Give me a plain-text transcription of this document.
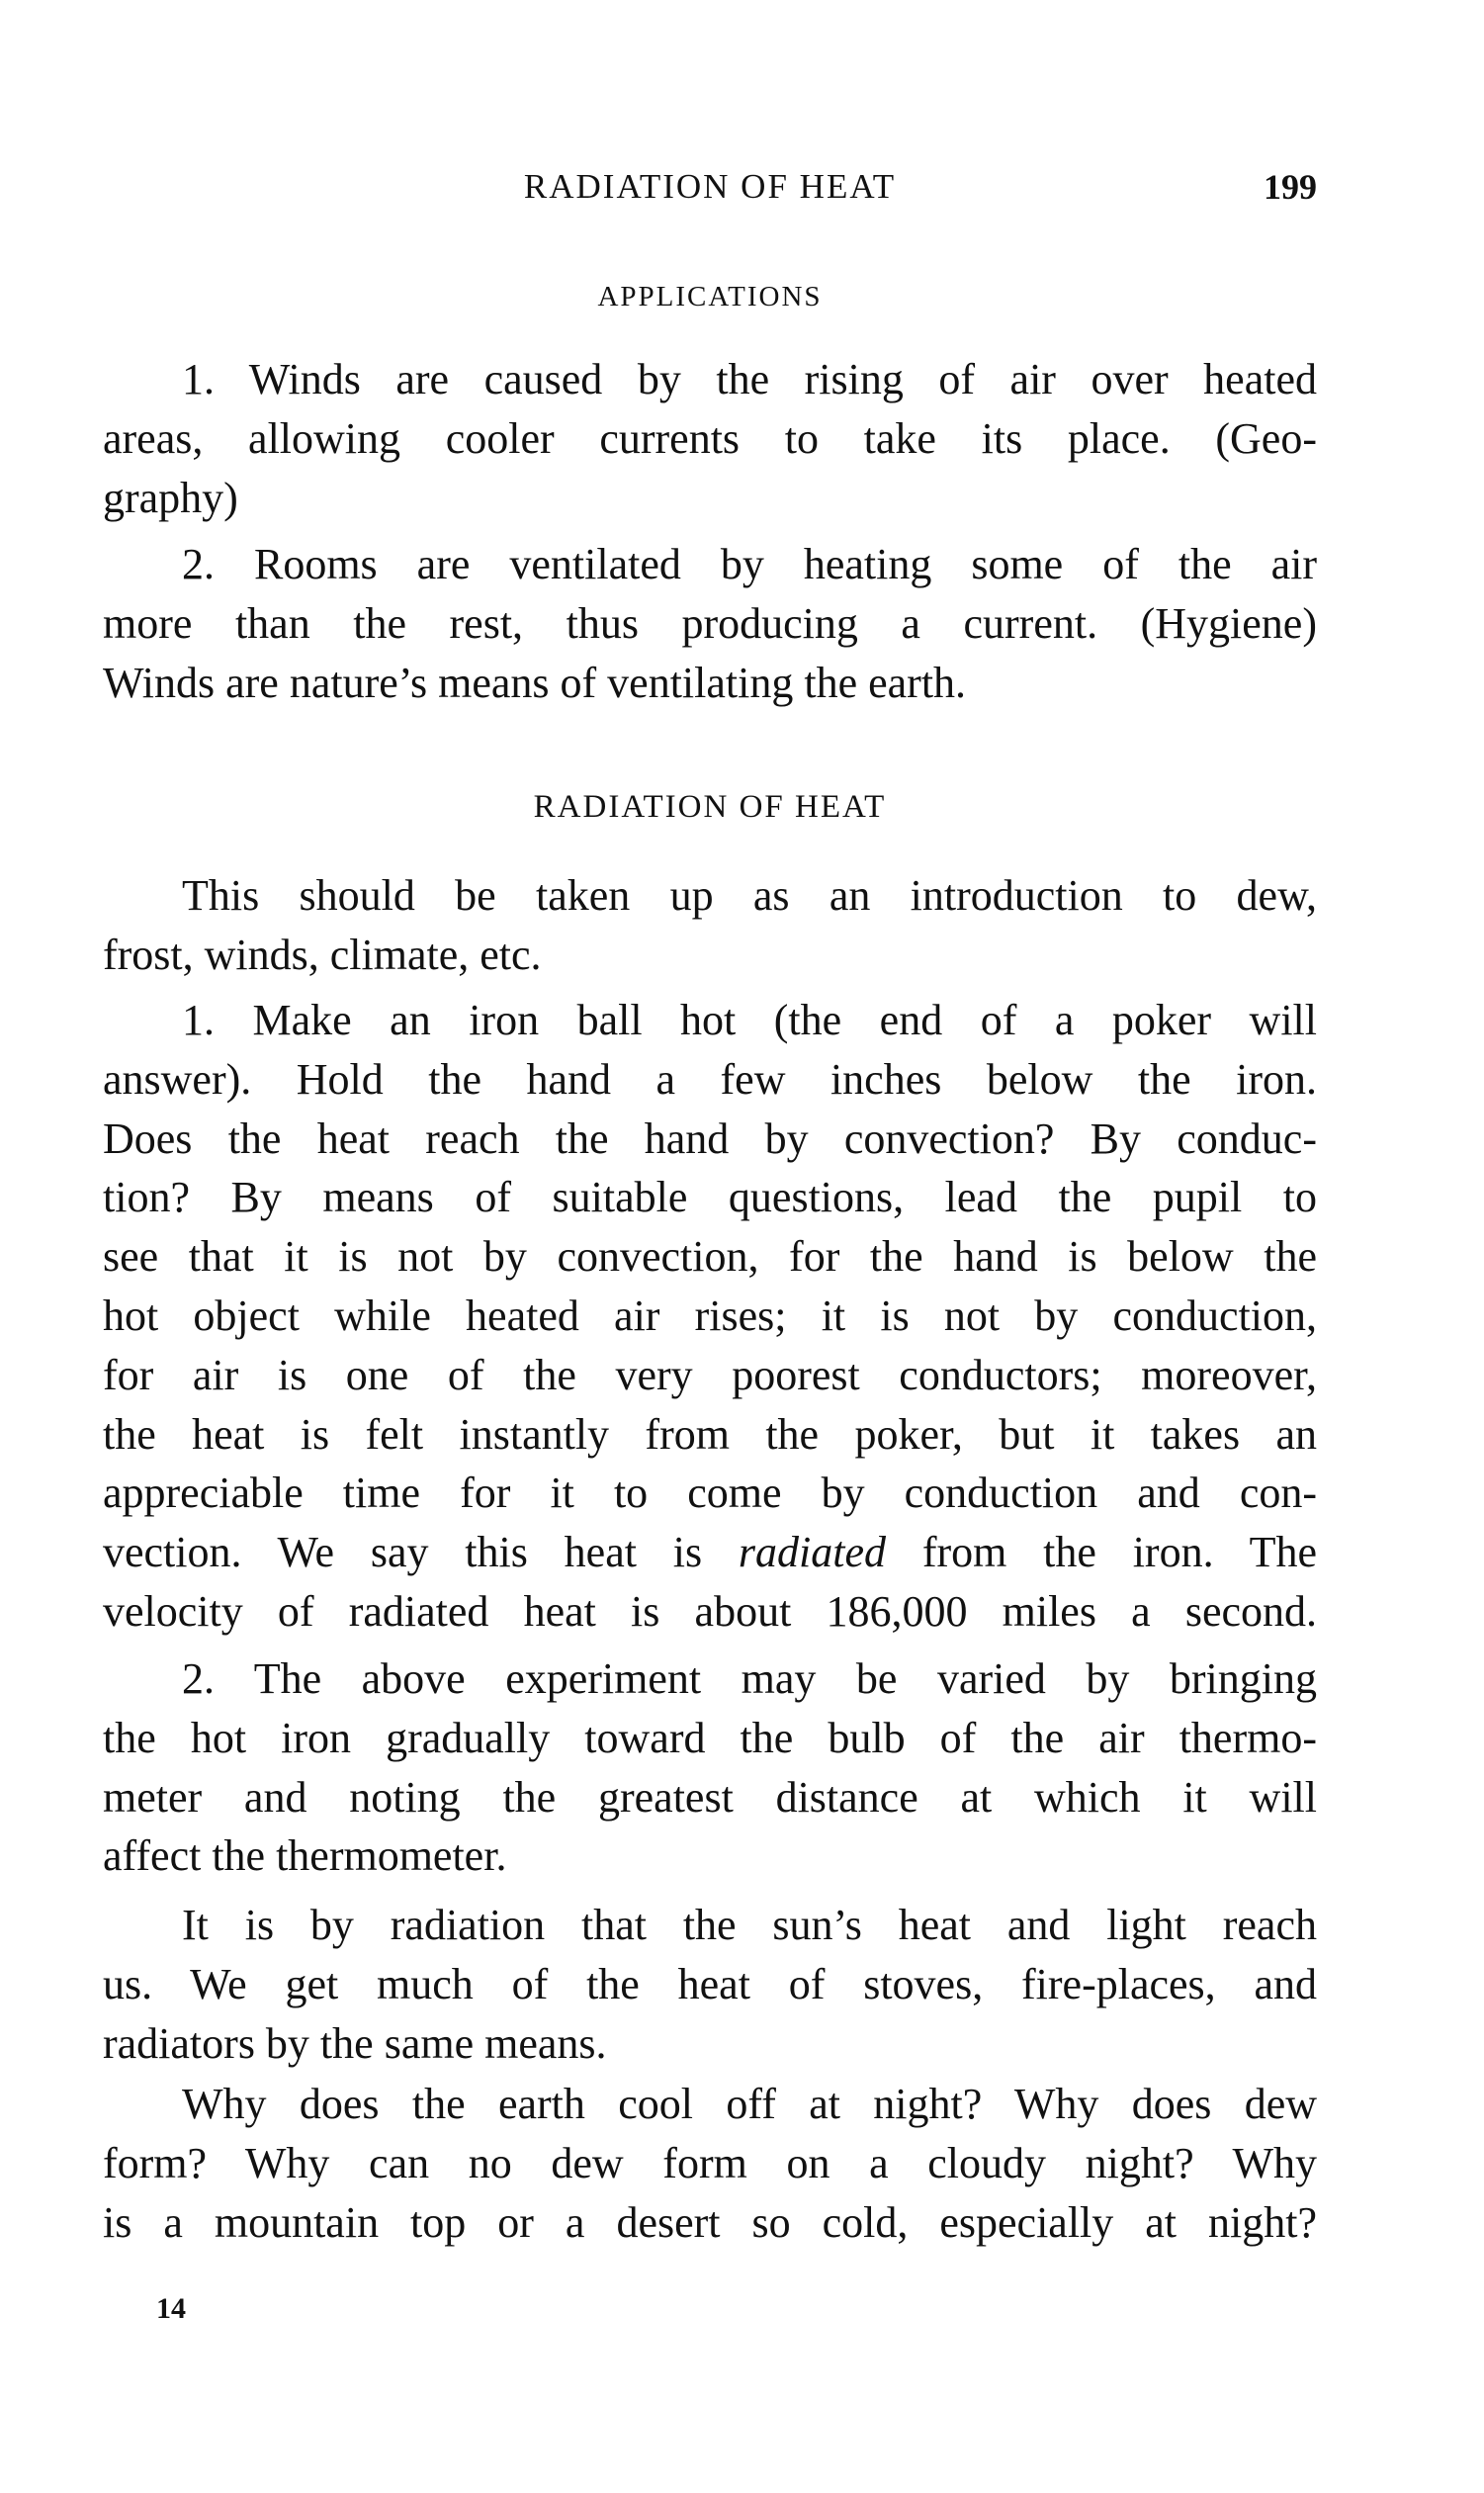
RADIATION OF HEAT	199
APPLICATIONS
1. Winds are caused by the rising of air over heated
areas, allowing cooler currents to take its place. (Geo-
graphy)
2. Rooms are ventilated by heating some of the air
more than the rest, thus producing a current. (Hygiene)
Winds are nature’s means of ventilating the earth.
RADIATION OF HEAT
This should be taken up as an introduction to dew,
frost, winds, climate, etc.
1. Make an iron ball hot (the end of a poker will
answer). Hold the hand a few inches below the iron.
Does the heat reach the hand by convection? By conduc-
tion? By means of suitable questions, lead the pupil to
see that it is not by convection, for the hand is below the
hot object while heated air rises; it is not by conduction,
for air is one of the very poorest conductors; moreover,
the heat is felt instantly from the poker, but it takes an
appreciable time for it to come by conduction and con-
vection. We say this heat is radiated from the iron. The
velocity of radiated heat is about 186,000 miles a second.
2. The above experiment may be varied by bringing
the hot iron gradually toward the bulb of the air thermo-
meter and noting the greatest distance at which it will
affect the thermometer.
It is by radiation that the sun’s heat and light reach
us. We get much of the heat of stoves, fire-places, and
radiators by the same means.
Why does the earth cool off at night? Why does dew
form? Why can no dew form on a cloudy night? Why
is a mountain top or a desert so cold, especially at night?
14
